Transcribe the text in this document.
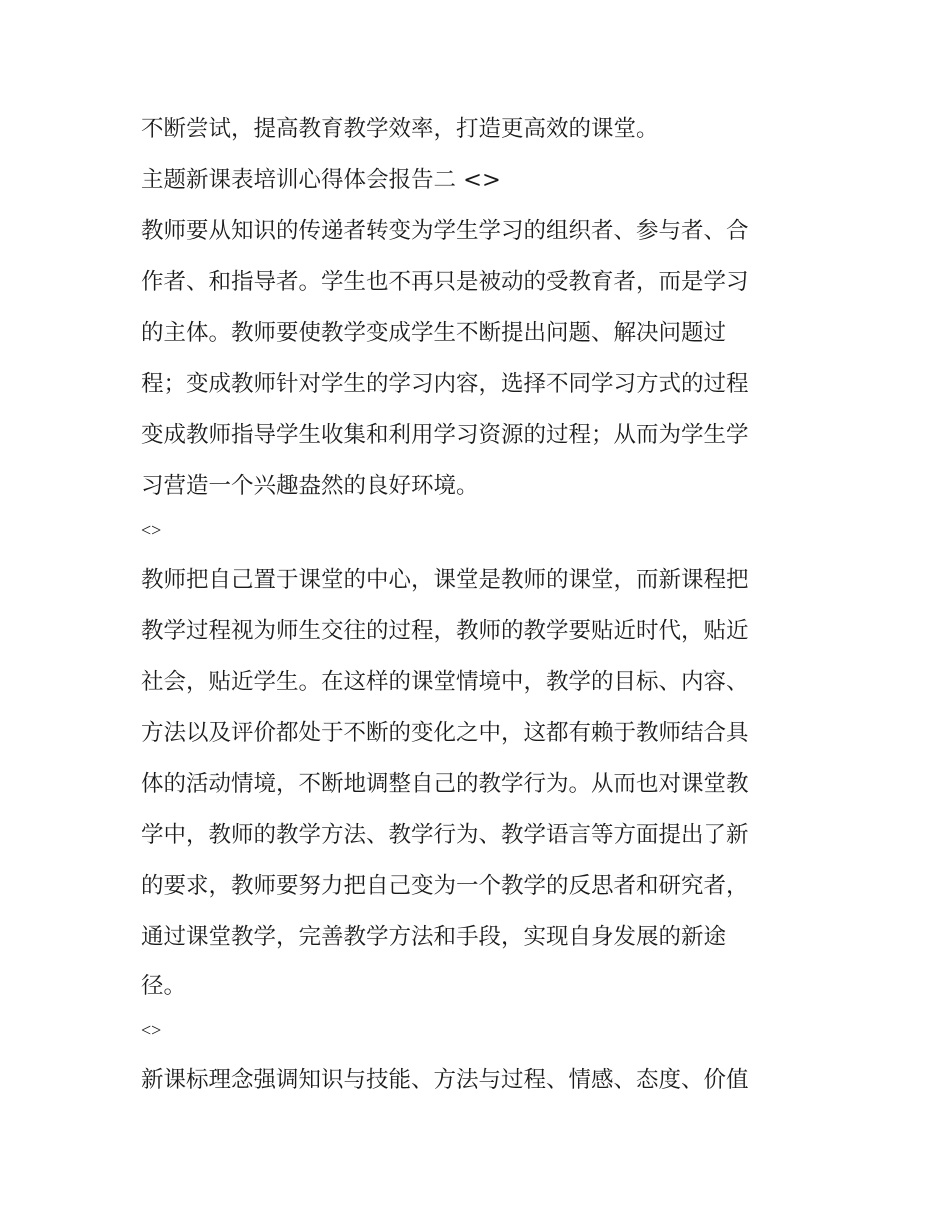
不断尝试，提高教育教学效率，打造更高效的课堂。
主题新课表培训心得体会报告二 <>
教师要从知识的传递者转变为学生学习的组织者、参与者、合
作者、和指导者。学生也不再只是被动的受教育者，而是学习
的主体。教师要使教学变成学生不断提出问题、解决问题过
程；变成教师针对学生的学习内容，选择不同学习方式的过程
变成教师指导学生收集和利用学习资源的过程；从而为学生学
习营造一个兴趣盎然的良好环境。
<>
教师把自己置于课堂的中心，课堂是教师的课堂，而新课程把
教学过程视为师生交往的过程，教师的教学要贴近时代，贴近
社会，贴近学生。在这样的课堂情境中，教学的目标、内容、
方法以及评价都处于不断的变化之中，这都有赖于教师结合具
体的活动情境，不断地调整自己的教学行为。从而也对课堂教
学中，教师的教学方法、教学行为、教学语言等方面提出了新
的要求，教师要努力把自己变为一个教学的反思者和研究者，
通过课堂教学，完善教学方法和手段，实现自身发展的新途
径。
<>
新课标理念强调知识与技能、方法与过程、情感、态度、价值
